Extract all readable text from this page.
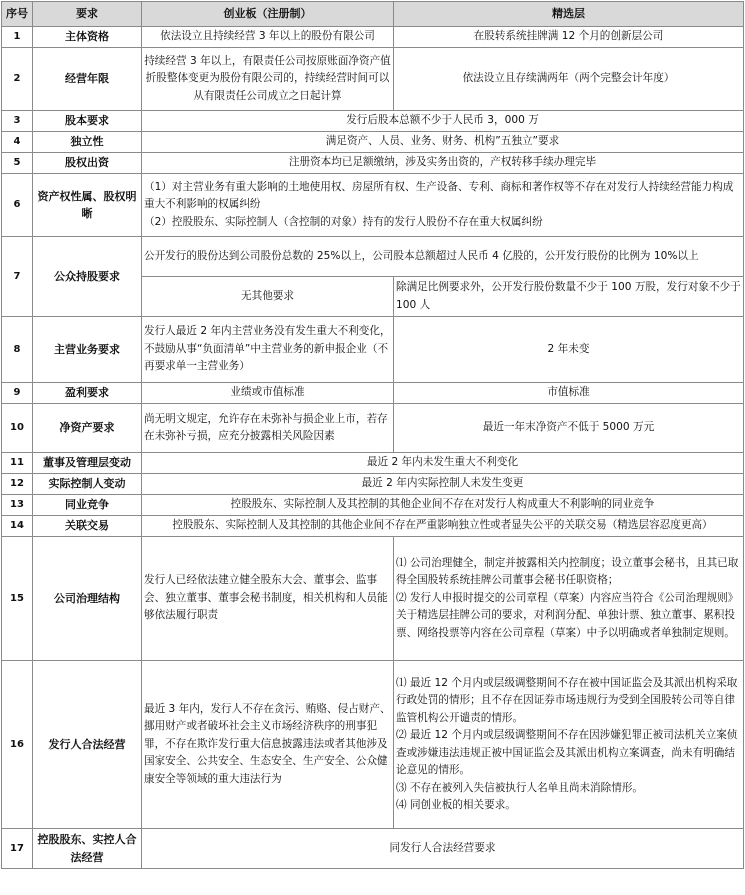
序号	要求	创业板（注册制）	精选层
1	主体资格	依法设立且持续经营 3 年以上的股份有限公司	在股转系统挂牌满 12 个月的创新层公司
2	经营年限	持续经营 3 年以上，有限责任公司按原账面净资产值折股整体变更为股份有限公司的，持续经营时间可以从有限责任公司成立之日起计算	依法设立且存续满两年（两个完整会计年度）
3	股本要求	发行后股本总额不少于人民币 3，000 万	
4	独立性	满足资产、人员、业务、财务、机构”五独立”要求	
5	股权出资	注册资本均已足额缴纳，涉及实务出资的，产权转移手续办理完毕	
6	资产权性属、股权明晰	（1）对主营业务有重大影响的土地使用权、房屋所有权、生产设备、专利、商标和著作权等不存在对发行人持续经营能力构成重大不利影响的权属纠纷
（2）控股股东、实际控制人（含控制的对象）持有的发行人股份不存在重大权属纠纷	

7	公众持股要求	公开发行的股份达到公司股份总数的 25%以上，公司股本总额超过人民币 4 亿股的，公开发行股份的比例为 10%以上	
		无其他要求	除满足比例要求外，公开发行股份数量不少于 100 万股，发行对象不少于 100 人
8	主营业务要求	发行人最近 2 年内主营业务没有发生重大不利变化，不鼓励从事“负面清单”中主营业务的新申报企业（不再要求单一主营业务）	2 年未变
9	盈利要求	业绩或市值标准	市值标准
10	净资产要求	尚无明文规定，允许存在未弥补与损企业上市，若存在未弥补亏损，应充分披露相关风险因素	最近一年末净资产不低于 5000 万元
11	董事及管理层变动	最近 2 年内未发生重大不利变化	
12	实际控制人变动	最近 2 年内实际控制人未发生变更	
13	同业竞争	控股股东、实际控制人及其控制的其他企业间不存在对发行人构成重大不利影响的同业竞争	
14	关联交易	控股股东、实际控制人及其控制的其他企业间不存在严重影响独立性或者显失公平的关联交易（精选层容忍度更高）	
15	公司治理结构	发行人已经依法建立健全股东大会、董事会、监事会、独立董事、董事会秘书制度，相关机构和人员能够依法履行职责	⑴ 公司治理健全，制定并披露相关内控制度；设立董事会秘书，且其已取得全国股转系统挂牌公司董事会秘书任职资格；
⑵ 发行人申报时提交的公司章程（草案）内容应当符合《公司治理规则》关于精选层挂牌公司的要求，对利润分配、单独计票、独立董事、累积投票、网络投票等内容在公司章程（草案）中予以明确或者单独制定规则。

16	发行人合法经营	最近 3 年内，发行人不存在贪污、贿赂、侵占财产、挪用财产或者破坏社会主义市场经济秩序的刑事犯罪，不存在欺诈发行重大信息披露违法或者其他涉及国家安全、公共安全、生态安全、生产安全、公众健康安全等领域的重大违法行为	⑴ 最近 12 个月内或层级调整期间不存在被中国证监会及其派出机构采取行政处罚的情形；且不存在因证券市场违规行为受到全国股转公司等自律监管机构公开谴责的情形。
⑵ 最近 12 个月内或层级调整期间不存在因涉嫌犯罪正被司法机关立案侦查或涉嫌违法违规正被中国证监会及其派出机构立案调查，尚未有明确结论意见的情形。
⑶ 不存在被列入失信被执行人名单且尚未消除情形。
⑷ 同创业板的相关要求。

17	控股股东、实控人合法经营	同发行人合法经营要求	
